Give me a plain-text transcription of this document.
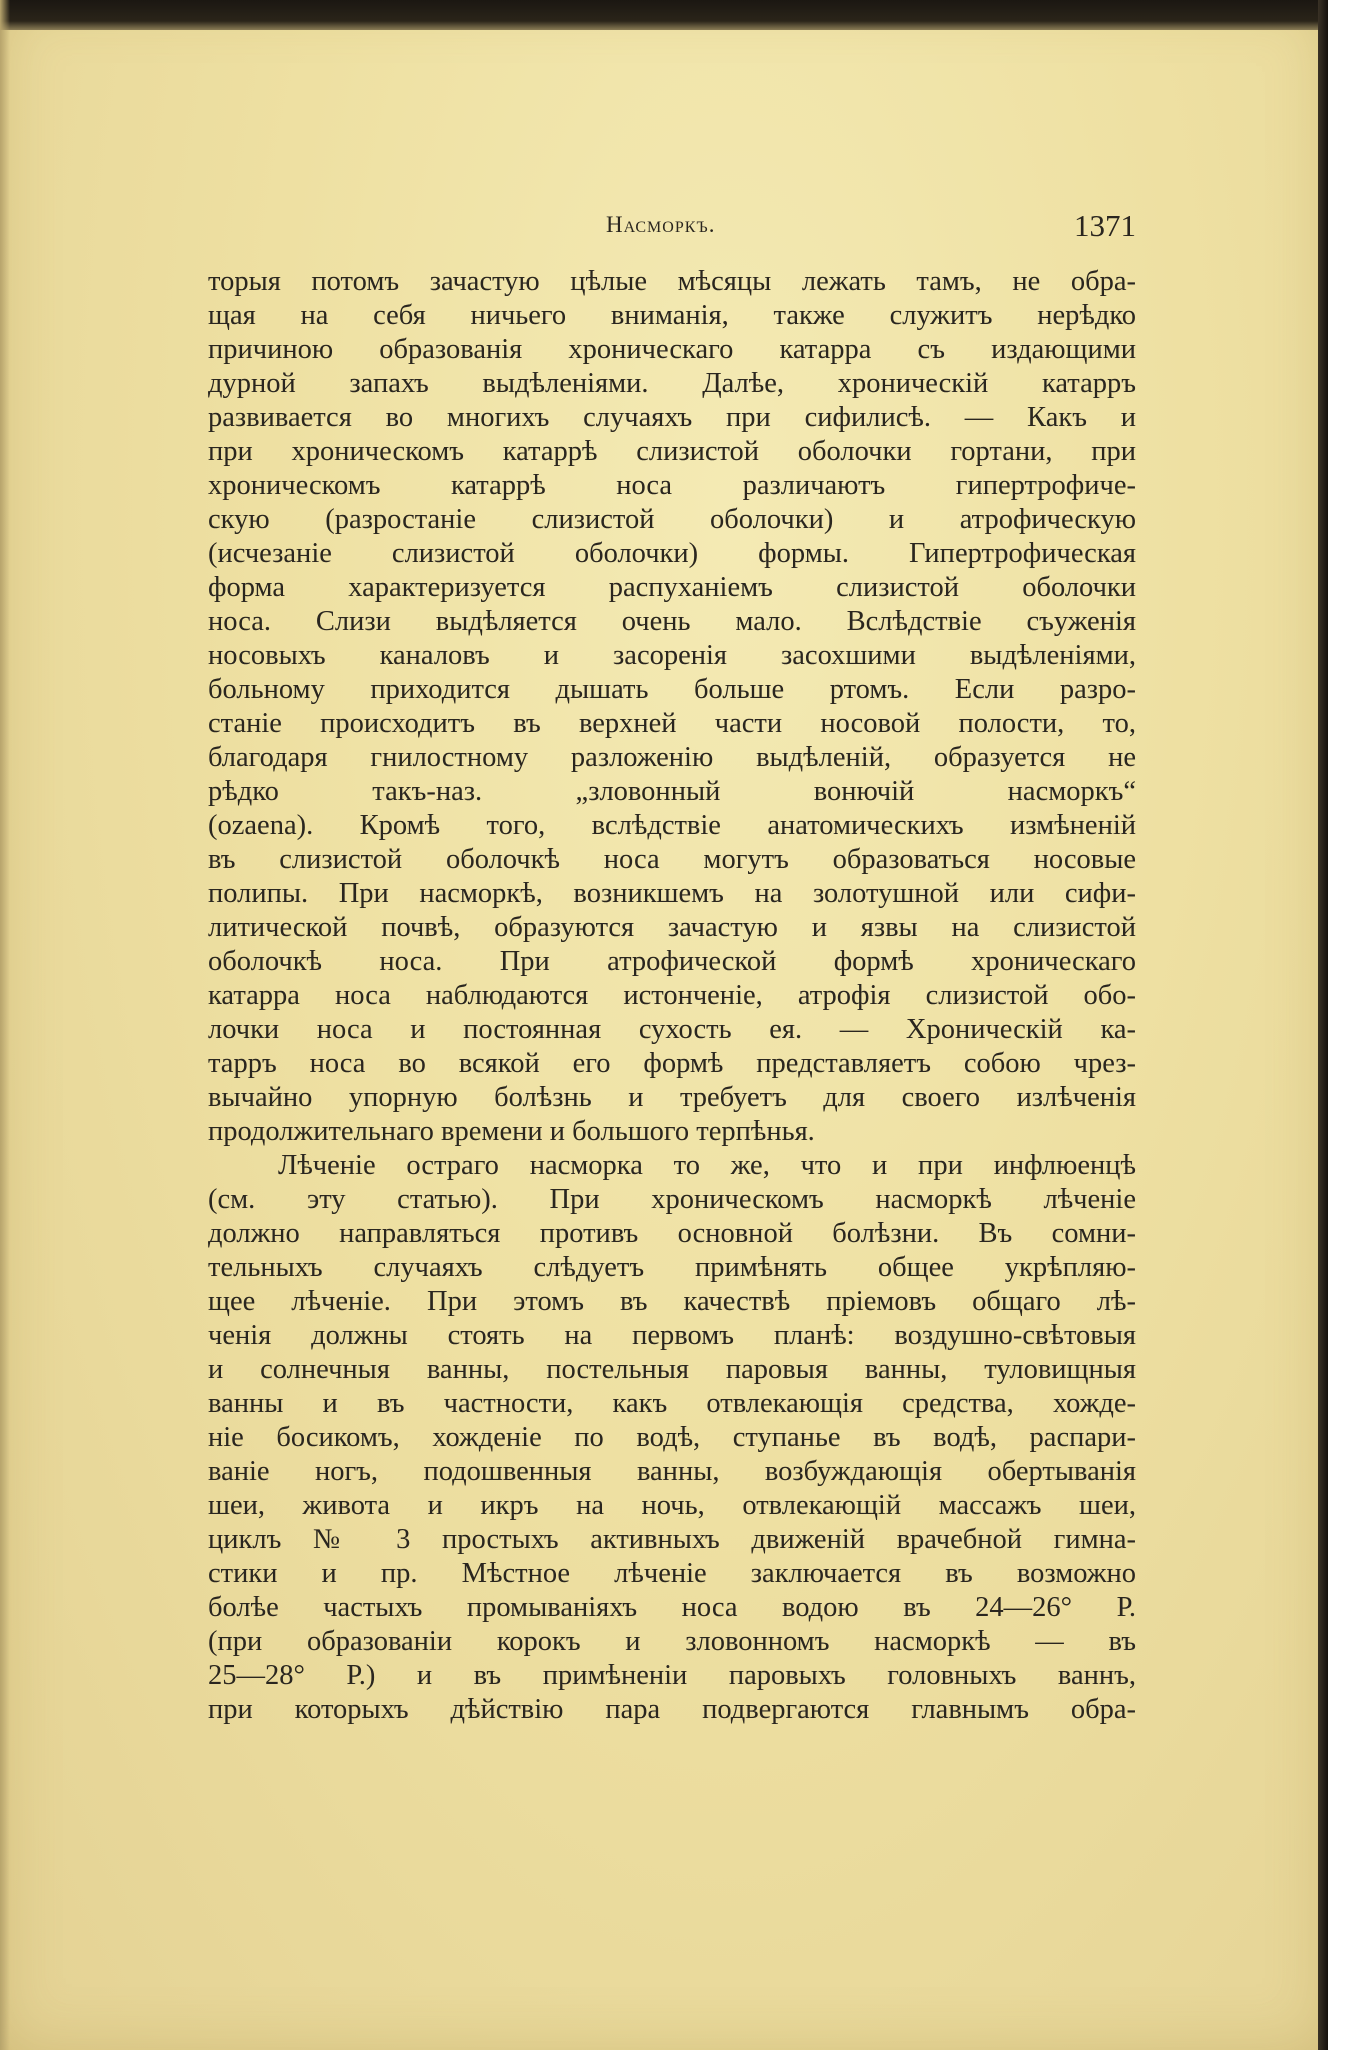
Насморкъ.	1371
торыя потомъ зачастую цѣлые мѣсяцы лежать тамъ, не обра-
щая на себя ничьего вниманія, также служитъ нерѣдко
причиною образованія хроническаго катарра съ издающими
дурной запахъ выдѣленіями. Далѣе, хроническій катарръ
развивается во многихъ случаяхъ при сифилисѣ. — Какъ и
при хроническомъ катаррѣ слизистой оболочки гортани, при
хроническомъ катаррѣ носа различаютъ гипертрофиче-
скую (разростаніе слизистой оболочки) и атрофическую
(исчезаніе слизистой оболочки) формы. Гипертрофическая
форма характеризуется распуханіемъ слизистой оболочки
носа. Слизи выдѣляется очень мало. Вслѣдствіе съуженія
носовыхъ каналовъ и засоренія засохшими выдѣленіями,
больному приходится дышать больше ртомъ. Если разро-
станіе происходитъ въ верхней части носовой полости, то,
благодаря гнилостному разложенію выдѣленій, образуется не
рѣдко такъ-наз. „зловонный вонючій насморкъ“
(ozaena). Кромѣ того, вслѣдствіе анатомическихъ измѣненій
въ слизистой оболочкѣ носа могутъ образоваться носовые
полипы. При насморкѣ, возникшемъ на золотушной или сифи-
литической почвѣ, образуются зачастую и язвы на слизистой
оболочкѣ носа. При атрофической формѣ хроническаго
катарра носа наблюдаются истонченіе, атрофія слизистой обо-
лочки носа и постоянная сухость ея. — Хроническій ка-
тарръ носа во всякой его формѣ представляетъ собою чрез-
вычайно упорную болѣзнь и требуетъ для своего излѣченія
продолжительнаго времени и большого терпѣнья.
Лѣченіе остраго насморка то же, что и при инфлюенцѣ
(см. эту статью). При хроническомъ насморкѣ лѣченіе
должно направляться противъ основной болѣзни. Въ сомни-
тельныхъ случаяхъ слѣдуетъ примѣнять общее укрѣпляю-
щее лѣченіе. При этомъ въ качествѣ пріемовъ общаго лѣ-
ченія должны стоять на первомъ планѣ: воздушно-свѣтовыя
и солнечныя ванны, постельныя паровыя ванны, туловищныя
ванны и въ частности, какъ отвлекающія средства, хожде-
ніе босикомъ, хожденіе по водѣ, ступанье въ водѣ, распари-
ваніе ногъ, подошвенныя ванны, возбуждающія обертыванія
шеи, живота и икръ на ночь, отвлекающій массажъ шеи,
циклъ № 3 простыхъ активныхъ движеній врачебной гимна-
стики и пр. Мѣстное лѣченіе заключается въ возможно
болѣе частыхъ промываніяхъ носа водою въ 24—26° Р.
(при образованіи корокъ и зловонномъ насморкѣ — въ
25—28° Р.) и въ примѣненіи паровыхъ головныхъ ваннъ,
при которыхъ дѣйствію пара подвергаются главнымъ обра-
